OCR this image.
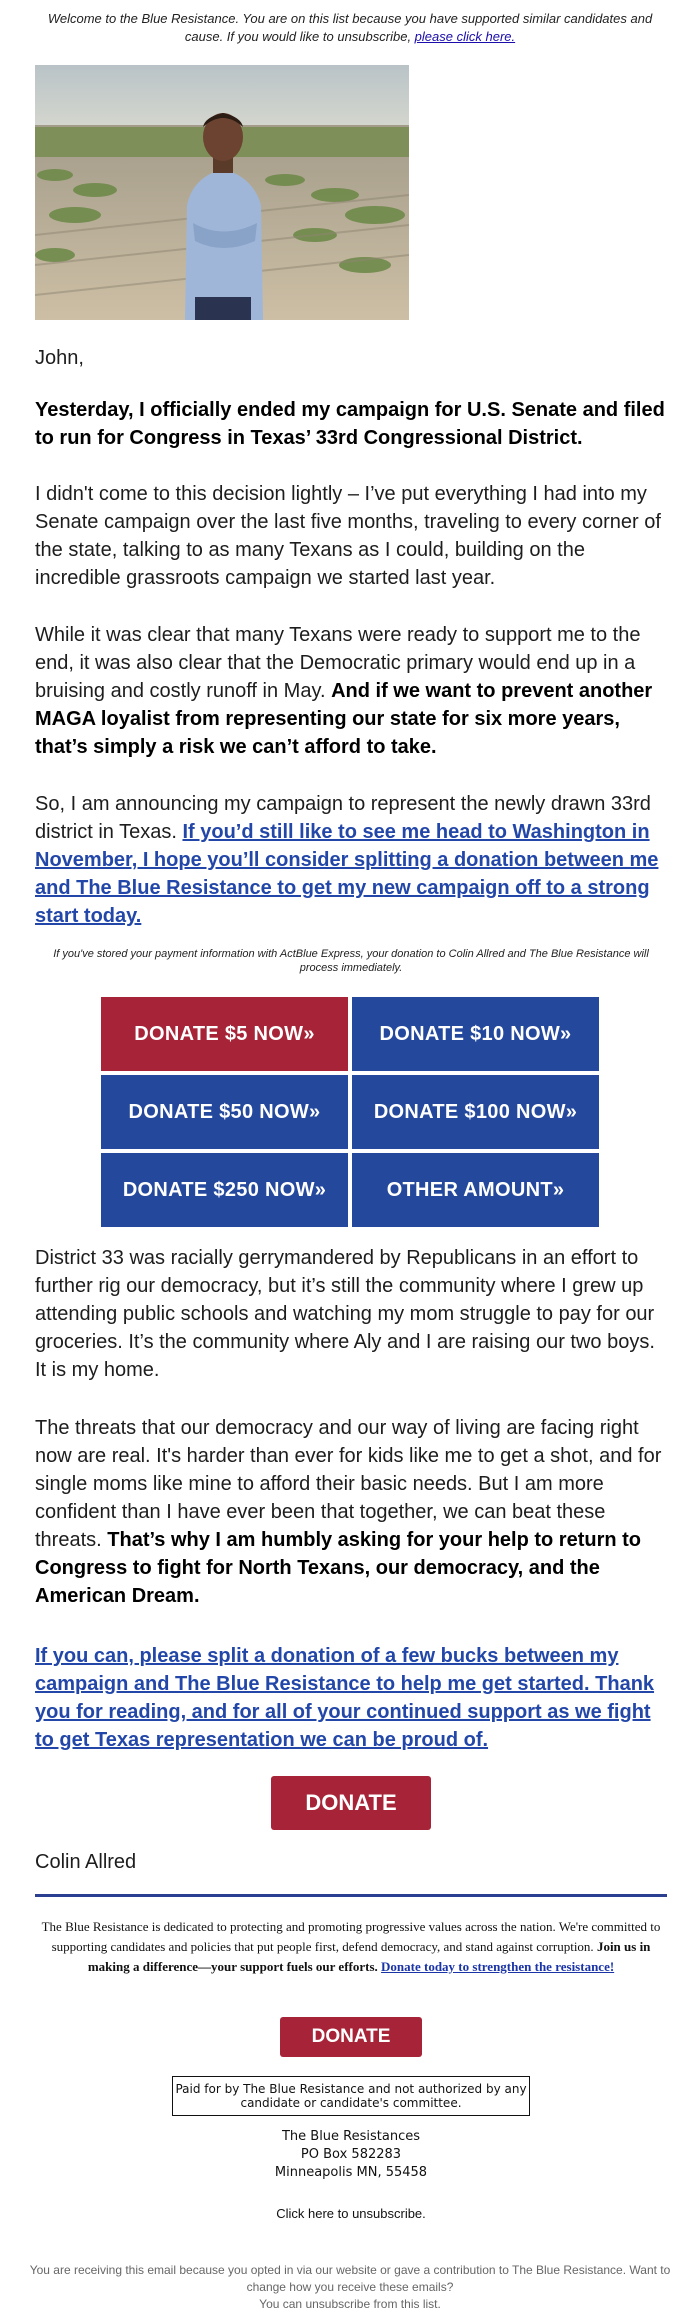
Welcome to the Blue Resistance. You are on this list because you have supported similar candidates and cause. If you would like to unsubscribe, please click here.
John,
Yesterday, I officially ended my campaign for U.S. Senate and filed to run for Congress in Texas’ 33rd Congressional District.
I didn't come to this decision lightly – I’ve put everything I had into my Senate campaign over the last five months, traveling to every corner of the state, talking to as many Texans as I could, building on the incredible grassroots campaign we started last year.
While it was clear that many Texans were ready to support me to the end, it was also clear that the Democratic primary would end up in a bruising and costly runoff in May. And if we want to prevent another MAGA loyalist from representing our state for six more years, that’s simply a risk we can’t afford to take.
So, I am announcing my campaign to represent the newly drawn 33rd district in Texas. If you’d still like to see me head to Washington in November, I hope you’ll consider splitting a donation between me and The Blue Resistance to get my new campaign off to a strong start today.
If you've stored your payment information with ActBlue Express, your donation to Colin Allred and The Blue Resistance will process immediately.
DONATE $5 NOW»	DONATE $10 NOW»
DONATE $50 NOW»	DONATE $100 NOW»
DONATE $250 NOW»	OTHER AMOUNT»
District 33 was racially gerrymandered by Republicans in an effort to further rig our democracy, but it’s still the community where I grew up attending public schools and watching my mom struggle to pay for our groceries. It’s the community where Aly and I are raising our two boys. It is my home.
The threats that our democracy and our way of living are facing right now are real. It's harder than ever for kids like me to get a shot, and for single moms like mine to afford their basic needs. But I am more confident than I have ever been that together, we can beat these threats. That’s why I am humbly asking for your help to return to Congress to fight for North Texans, our democracy, and the American Dream.
If you can, please split a donation of a few bucks between my campaign and The Blue Resistance to help me get started. Thank you for reading, and for all of your continued support as we fight to get Texas representation we can be proud of.
DONATE
Colin Allred
The Blue Resistance is dedicated to protecting and promoting progressive values across the nation. We're committed to supporting candidates and policies that put people first, defend democracy, and stand against corruption. Join us in making a difference—your support fuels our efforts. Donate today to strengthen the resistance!
DONATE
Paid for by The Blue Resistance and not authorized by any candidate or candidate's committee.
The Blue Resistances
PO Box 582283
Minneapolis MN, 55458
Click here to unsubscribe.
You are receiving this email because you opted in via our website or gave a contribution to The Blue Resistance. Want to change how you receive these emails?
You can unsubscribe from this list.
